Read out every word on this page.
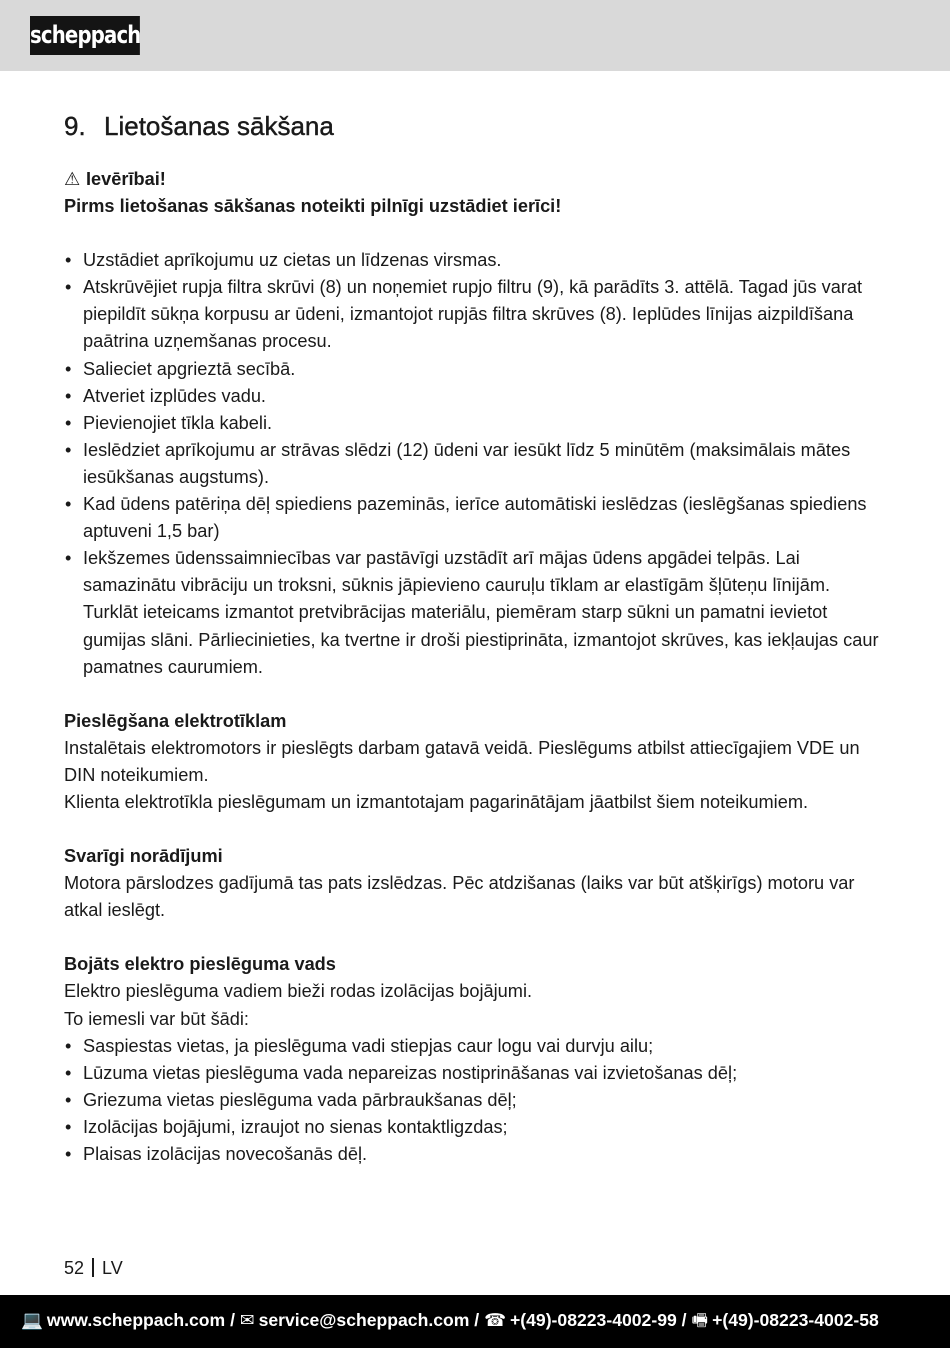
scheppach
9. Lietošanas sākšana
⚠ Ievērībai!
Pirms lietošanas sākšanas noteikti pilnīgi uzstādiet ierīci!
• Uzstādiet aprīkojumu uz cietas un līdzenas virsmas.
• Atskrūvējiet rupja filtra skrūvi (8) un noņemiet rupjo filtru (9), kā parādīts 3. attēlā. Tagad jūs varat piepildīt sūkņa korpusu ar ūdeni, izmantojot rupjās filtra skrūves (8). Ieplūdes līnijas aizpildīšana paātrina uzņemšanas procesu.
• Salieciet apgrieztā secībā.
• Atveriet izplūdes vadu.
• Pievienojiet tīkla kabeli.
• Ieslēdziet aprīkojumu ar strāvas slēdzi (12) ūdeni var iesūkt līdz 5 minūtēm (maksimālais mātes iesūkšanas augstums).
• Kad ūdens patēriņa dēļ spiediens pazeminās, ierīce automātiski ieslēdzas (ieslēgšanas spiediens aptuveni 1,5 bar)
• Iekšzemes ūdenssaimniecības var pastāvīgi uzstādīt arī mājas ūdens apgādei telpās. Lai samazinātu vibrāciju un troksni, sūknis jāpievieno cauruļu tīklam ar elastīgām šļūteņu līnijām. Turklāt ieteicams izmantot pretvibrācijas materiālu, piemēram starp sūkni un pamatni ievietot gumijas slāni. Pārliecinieties, ka tvertne ir droši piestiprināta, izmantojot skrūves, kas iekļaujas caur pamatnes caurumiem.
Pieslēgšana elektrotīklam

Instalētais elektromotors ir pieslēgts darbam gatavā veidā. Pieslēgums atbilst attiecīgajiem VDE un DIN noteikumiem.

Klienta elektrotīkla pieslēgumam un izmantotajam pagarinātājam jāatbilst šiem noteikumiem.

Svarīgi norādījumi

Motora pārslodzes gadījumā tas pats izslēdzas. Pēc atdzišanas (laiks var būt atšķirīgs) motoru var atkal ieslēgt.

Bojāts elektro pieslēguma vads

Elektro pieslēguma vadiem bieži rodas izolācijas bojājumi.

To iemesli var būt šādi:

• Saspiestas vietas, ja pieslēguma vadi stiepjas caur logu vai durvju ailu;
• Lūzuma vietas pieslēguma vada nepareizas nostiprināšanas vai izvietošanas dēļ;
• Griezuma vietas pieslēguma vada pārbraukšanas dēļ;
• Izolācijas bojājumi, izraujot no sienas kontaktligzdas;
• Plaisas izolācijas novecošanās dēļ.
52 LV
💻 www.scheppach.com / ✉ service@scheppach.com / ☎ +(49)-08223-4002-99 / 🖷 +(49)-08223-4002-58
